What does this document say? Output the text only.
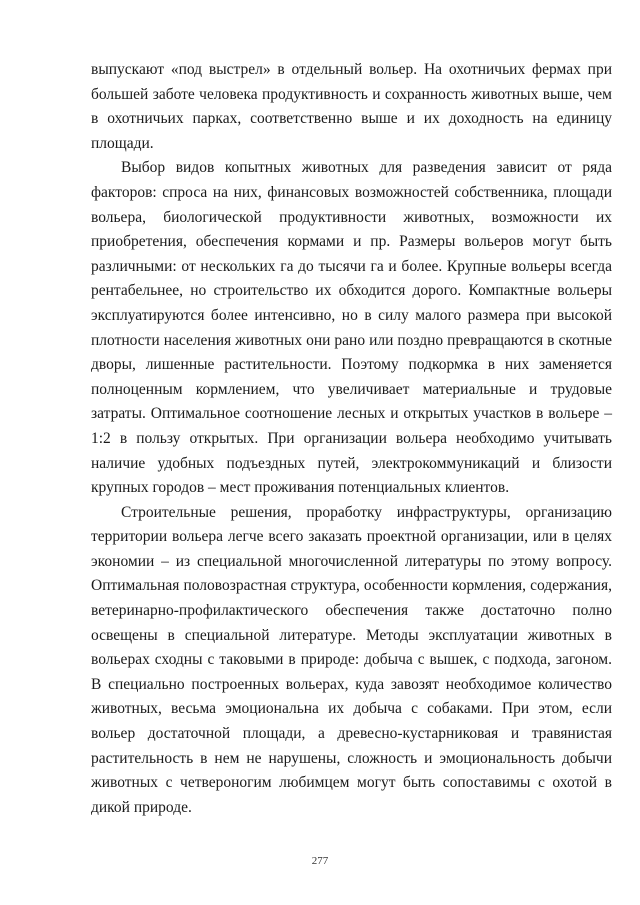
выпускают «под выстрел» в отдельный вольер. На охотничьих фермах при большей заботе человека продуктивность и сохранность животных выше, чем в охотничьих парках, соответственно выше и их доходность на единицу площади.

Выбор видов копытных животных для разведения зависит от ряда факторов: спроса на них, финансовых возможностей собственника, площади вольера, биологической продуктивности животных, возможности их приобретения, обеспечения кормами и пр. Размеры вольеров могут быть различными: от нескольких га до тысячи га и более. Крупные вольеры всегда рентабельнее, но строительство их обходится дорого. Компактные вольеры эксплуатируются более интенсивно, но в силу малого размера при высокой плотности населения животных они рано или поздно превращаются в скотные дворы, лишенные растительности. Поэтому подкормка в них заменяется полноценным кормлением, что увеличивает материальные и трудовые затраты. Оптимальное соотношение лесных и открытых участков в вольере – 1:2 в пользу открытых. При организации вольера необходимо учитывать наличие удобных подъездных путей, электрокоммуникаций и близости крупных городов – мест проживания потенциальных клиентов.

Строительные решения, проработку инфраструктуры, организацию территории вольера легче всего заказать проектной организации, или в целях экономии – из специальной многочисленной литературы по этому вопросу. Оптимальная половозрастная структура, особенности кормления, содержания, ветеринарно-профилактического обеспечения также достаточно полно освещены в специальной литературе. Методы эксплуатации животных в вольерах сходны с таковыми в природе: добыча с вышек, с подхода, загоном. В специально построенных вольерах, куда завозят необходимое количество животных, весьма эмоциональна их добыча с собаками. При этом, если вольер достаточной площади, а древесно-кустарниковая и травянистая растительность в нем не нарушены, сложность и эмоциональность добычи животных с четвероногим любимцем могут быть сопоставимы с охотой в дикой природе.

277
